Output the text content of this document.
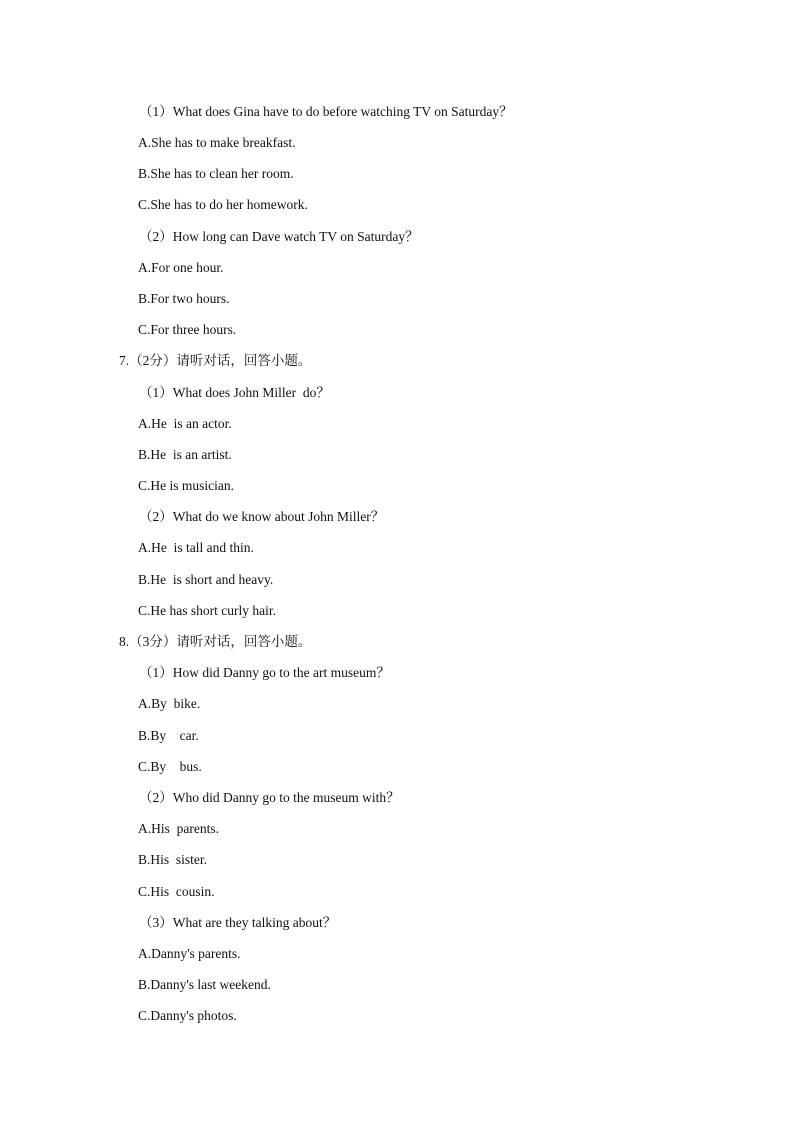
（1）What does Gina have to do before watching TV on Saturday？
A.She has to make breakfast.
B.She has to clean her room.
C.She has to do her homework.
（2）How long can Dave watch TV on Saturday？
A.For one hour.
B.For two hours.
C.For three hours.
7.（2分）请听对话，回答小题。
（1）What does John Miller  do？
A.He  is an actor.
B.He  is an artist.
C.He is musician.
（2）What do we know about John Miller？
A.He  is tall and thin.
B.He  is short and heavy.
C.He has short curly hair.
8.（3分）请听对话，回答小题。
（1）How did Danny go to the art museum？
A.By  bike.
B.By    car.
C.By    bus.
（2）Who did Danny go to the museum with？
A.His  parents.
B.His  sister.
C.His  cousin.
（3）What are they talking about？
A.Danny's parents.
B.Danny's last weekend.
C.Danny's photos.
